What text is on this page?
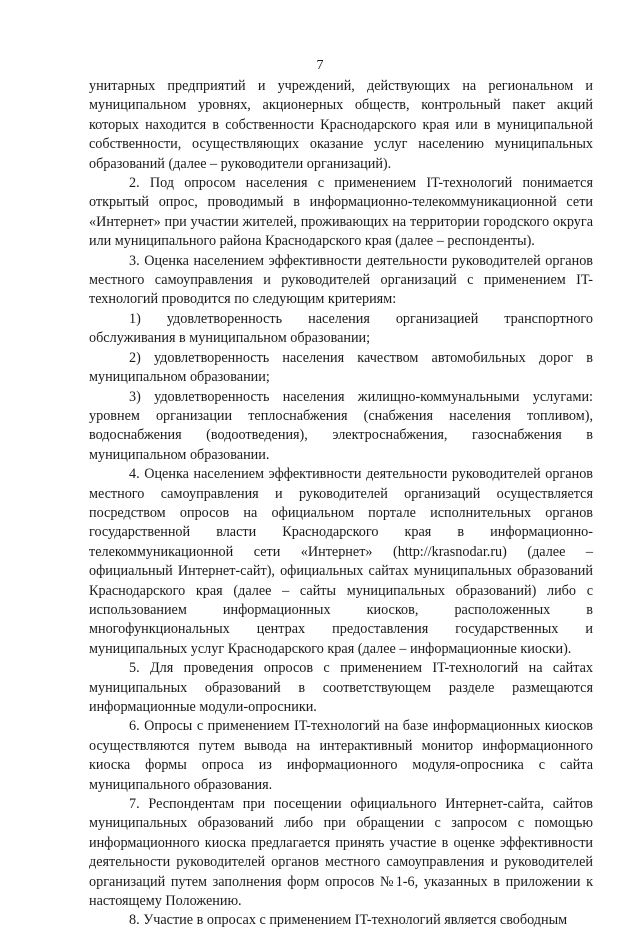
7

унитарных предприятий и учреждений, действующих на региональном и муниципальном уровнях, акционерных обществ, контрольный пакет акций которых находится в собственности Краснодарского края или в муниципальной собственности, осуществляющих оказание услуг населению муниципальных образований (далее – руководители организаций).

2. Под опросом населения с применением IT-технологий понимается открытый опрос, проводимый в информационно-телекоммуникационной сети «Интернет» при участии жителей, проживающих на территории городского округа или муниципального района Краснодарского края (далее – респонденты).

3. Оценка населением эффективности деятельности руководителей органов местного самоуправления и руководителей организаций с применением IT-технологий проводится по следующим критериям:

1) удовлетворенность населения организацией транспортного обслуживания в муниципальном образовании;

2) удовлетворенность населения качеством автомобильных дорог в муниципальном образовании;

3) удовлетворенность населения жилищно-коммунальными услугами: уровнем организации теплоснабжения (снабжения населения топливом), водоснабжения (водоотведения), электроснабжения, газоснабжения в муниципальном образовании.

4. Оценка населением эффективности деятельности руководителей органов местного самоуправления и руководителей организаций осуществляется посредством опросов на официальном портале исполнительных органов государственной власти Краснодарского края в информационно-телекоммуникационной сети «Интернет» (http://krasnodar.ru) (далее – официальный Интернет-сайт), официальных сайтах муниципальных образований Краснодарского края (далее – сайты муниципальных образований) либо с использованием информационных киосков, расположенных в многофункциональных центрах предоставления государственных и муниципальных услуг Краснодарского края (далее – информационные киоски).

5. Для проведения опросов с применением IT-технологий на сайтах муниципальных образований в соответствующем разделе размещаются информационные модули-опросники.

6. Опросы с применением IT-технологий на базе информационных киосков осуществляются путем вывода на интерактивный монитор информационного киоска формы опроса из информационного модуля-опросника с сайта муниципального образования.

7. Респондентам при посещении официального Интернет-сайта, сайтов муниципальных образований либо при обращении с запросом с помощью информационного киоска предлагается принять участие в оценке эффективности деятельности руководителей органов местного самоуправления и руководителей организаций путем заполнения форм опросов №1-6, указанных в приложении к настоящему Положению.

8. Участие в опросах с применением IT-технологий является свободным
